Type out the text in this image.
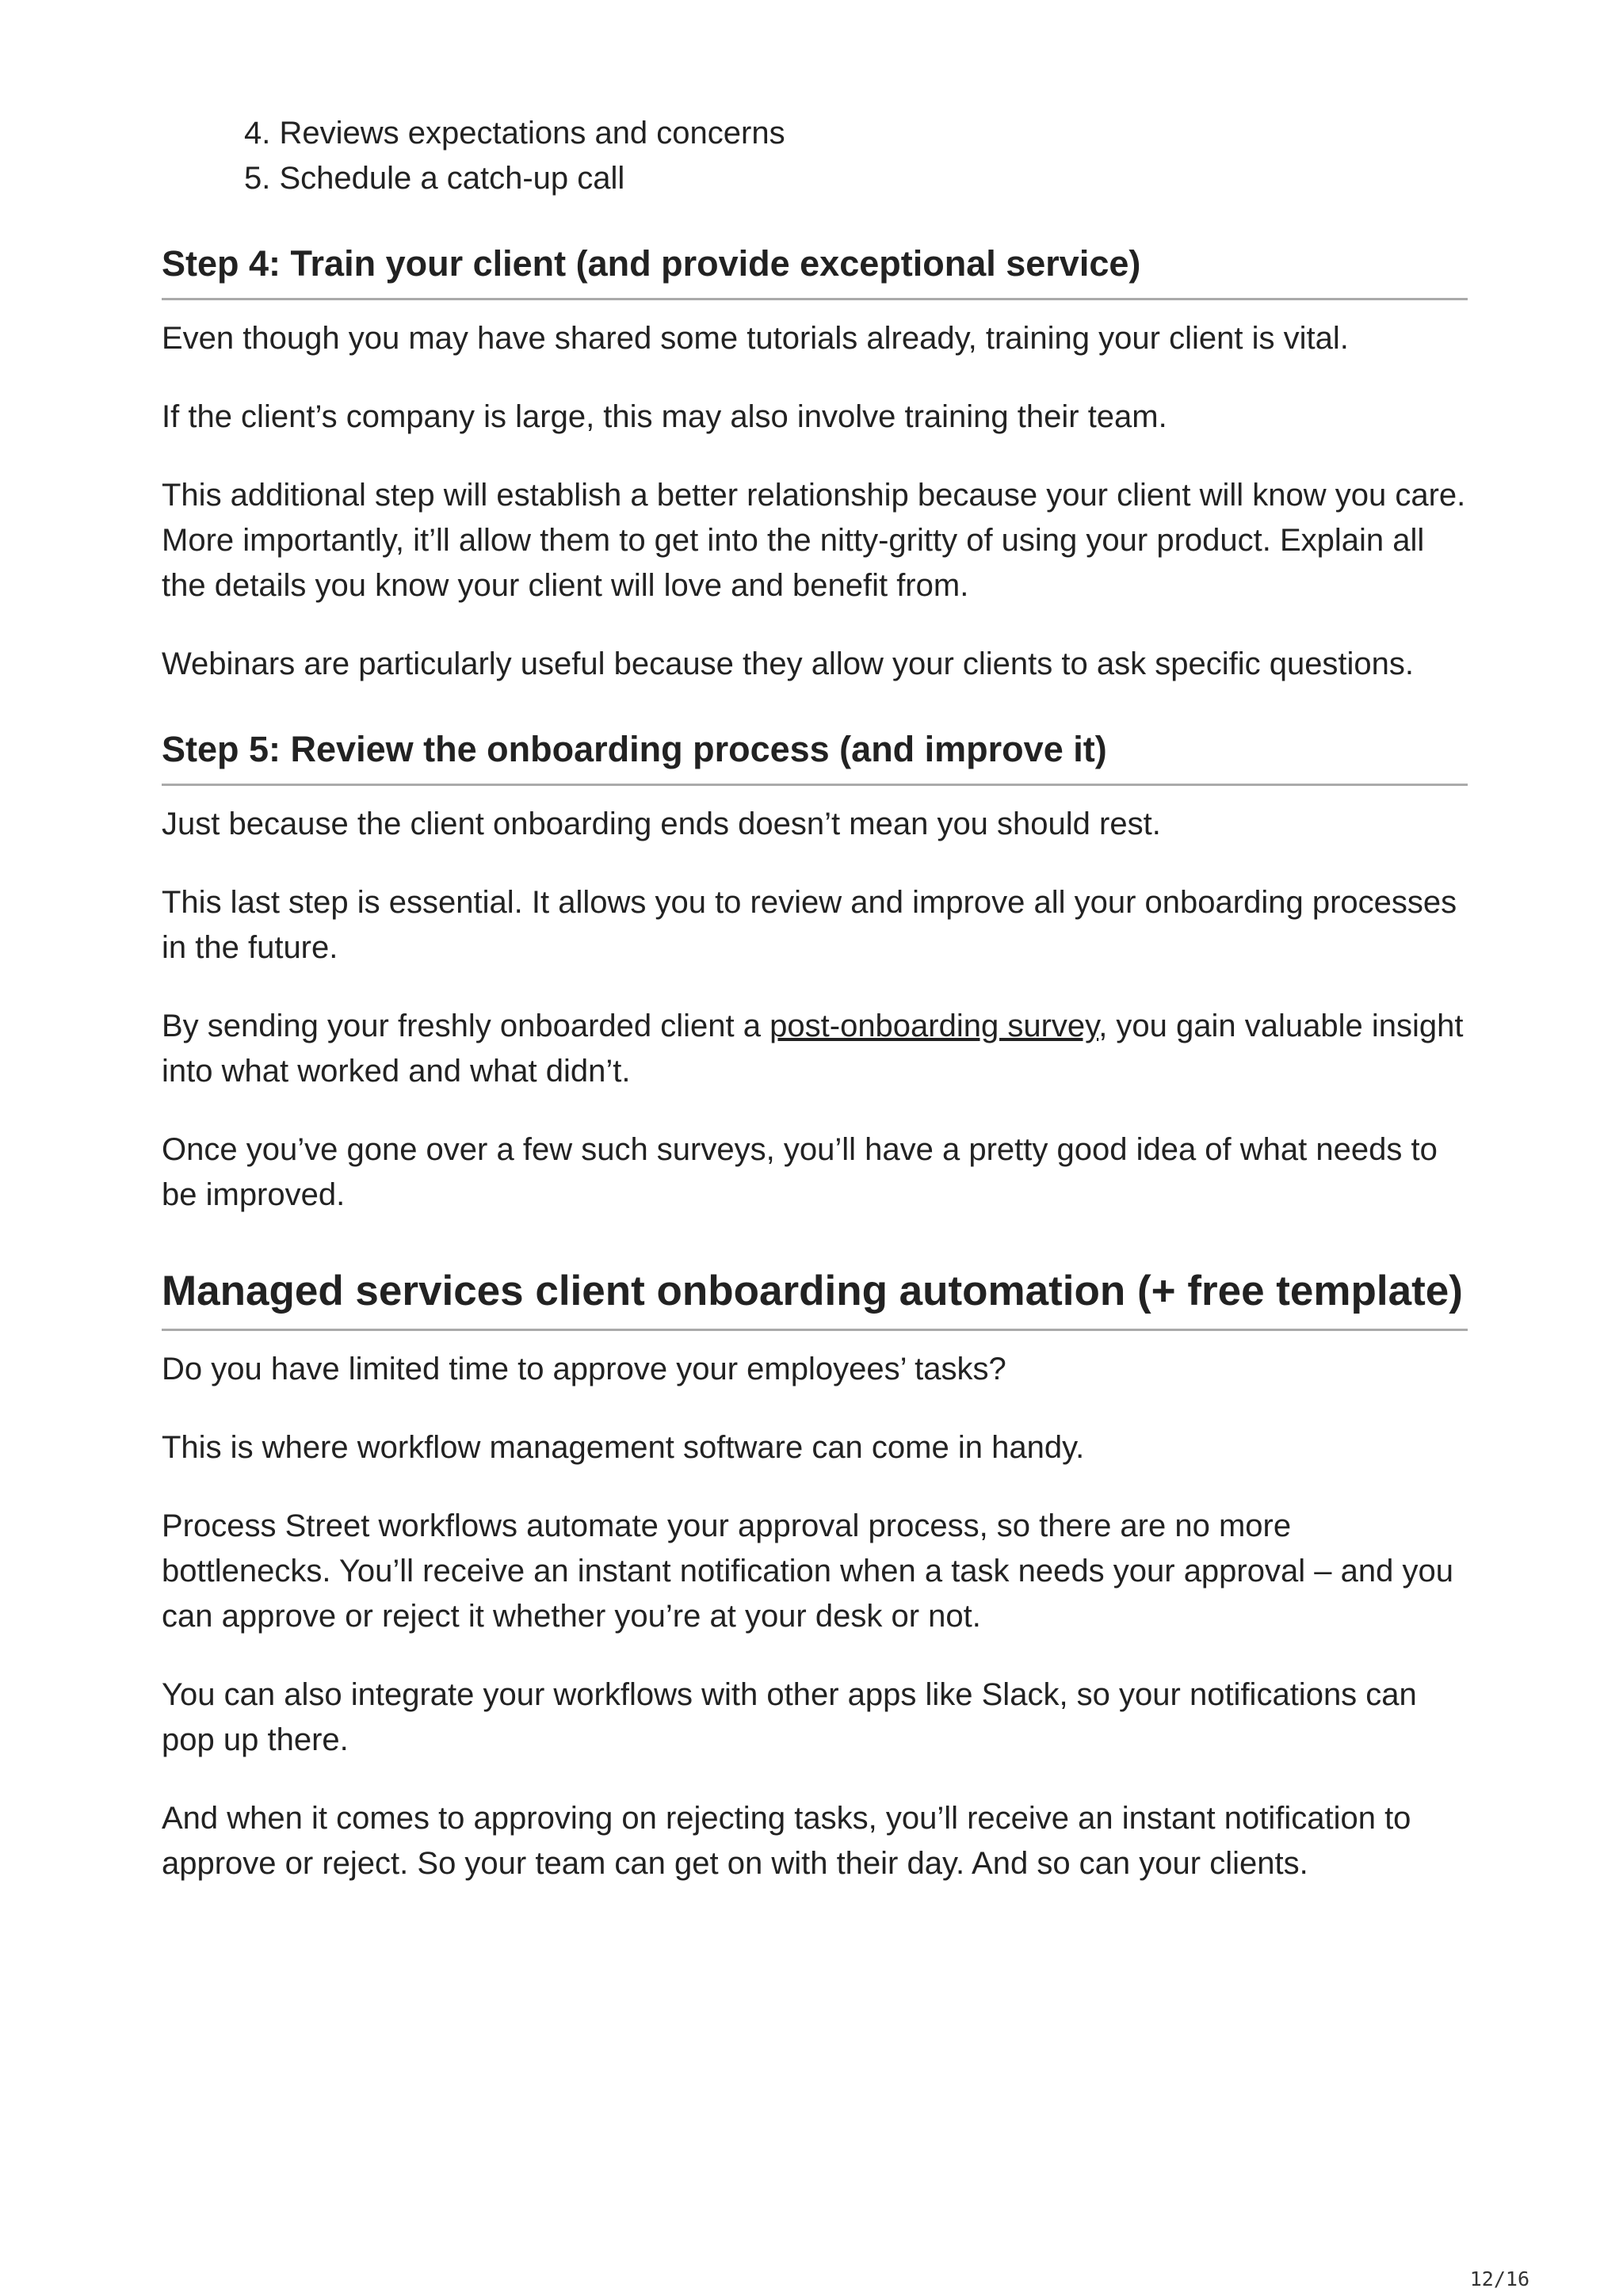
4. Reviews expectations and concerns
5. Schedule a catch-up call
Step 4: Train your client (and provide exceptional service)

Even though you may have shared some tutorials already, training your client is vital.

If the client’s company is large, this may also involve training their team.

This additional step will establish a better relationship because your client will know you care. More importantly, it’ll allow them to get into the nitty-gritty of using your product. Explain all the details you know your client will love and benefit from.

Webinars are particularly useful because they allow your clients to ask specific questions.

Step 5: Review the onboarding process (and improve it)

Just because the client onboarding ends doesn’t mean you should rest.

This last step is essential. It allows you to review and improve all your onboarding processes in the future.

By sending your freshly onboarded client a post-onboarding survey, you gain valuable insight into what worked and what didn’t.

Once you’ve gone over a few such surveys, you’ll have a pretty good idea of what needs to be improved.

Managed services client onboarding automation (+ free template)

Do you have limited time to approve your employees’ tasks?

This is where workflow management software can come in handy.

Process Street workflows automate your approval process, so there are no more bottlenecks. You’ll receive an instant notification when a task needs your approval – and you can approve or reject it whether you’re at your desk or not.

You can also integrate your workflows with other apps like Slack, so your notifications can pop up there.

And when it comes to approving on rejecting tasks, you’ll receive an instant notification to approve or reject. So your team can get on with their day. And so can your clients.

12/16
